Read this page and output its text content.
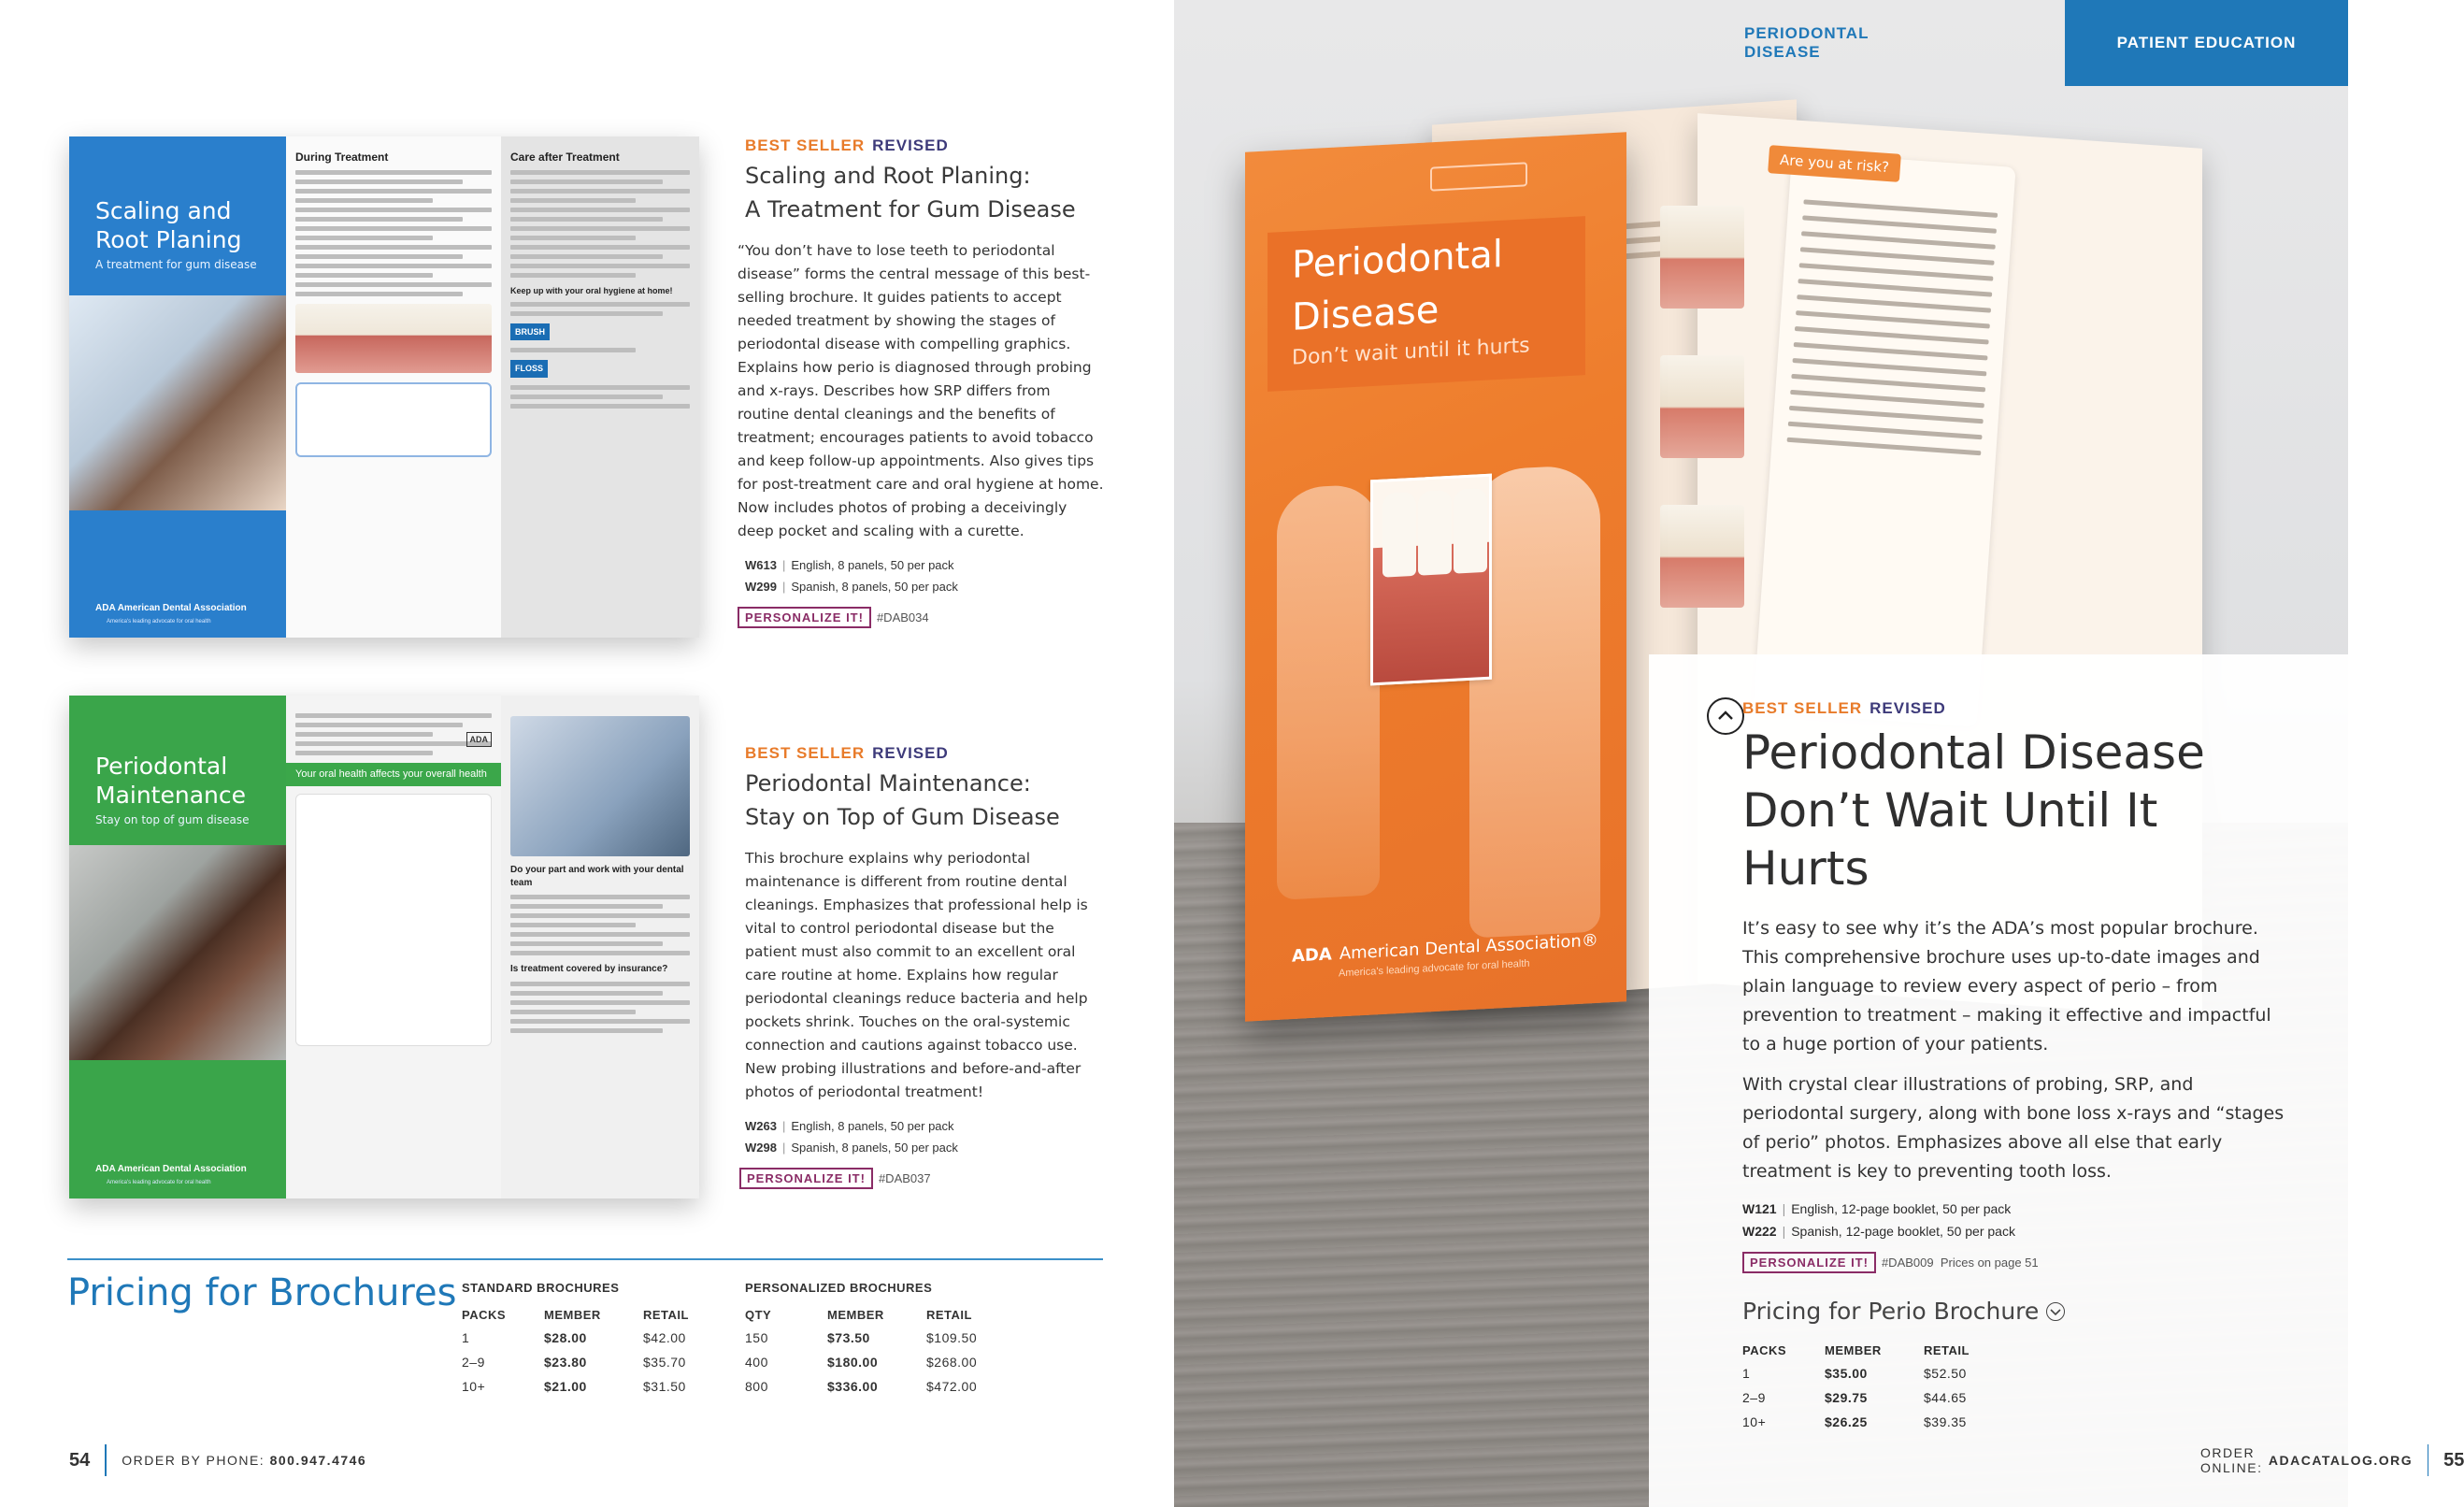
Scaling and Root Planing
A treatment for gum disease
ADA American Dental Association
America's leading advocate for oral health
During Treatment	Care after Treatment
Keep up with your oral hygiene at home!
BRUSH
FLOSS
BEST SELLER REVISED
Scaling and Root Planing:
A Treatment for Gum Disease
“You don’t have to lose teeth to periodontal disease” forms the central message of this best-selling brochure. It guides patients to accept needed treatment by showing the stages of periodontal disease with compelling graphics. Explains how perio is diagnosed through probing and x-rays. Describes how SRP differs from routine dental cleanings and the benefits of treatment; encourages patients to avoid tobacco and keep follow-up appointments. Also gives tips for post-treatment care and oral hygiene at home. Now includes photos of probing a deceivingly deep pocket and scaling with a curette.
W613 | English, 8 panels, 50 per pack
W299 | Spanish, 8 panels, 50 per pack
PERSONALIZE IT! #DAB034
Periodontal Maintenance
Stay on top of gum disease
ADA American Dental Association
America's leading advocate for oral health
ADA
Your oral health affects your overall health
Do your part and work with your dental team
Is treatment covered by insurance?
BEST SELLER REVISED
Periodontal Maintenance:
Stay on Top of Gum Disease
This brochure explains why periodontal maintenance is different from routine dental cleanings. Emphasizes that professional help is vital to control periodontal disease but the patient must also commit to an excellent oral care routine at home. Explains how regular periodontal cleanings reduce bacteria and help pockets shrink. Touches on the oral-systemic connection and cautions against tobacco use. New probing illustrations and before-and-after photos of periodontal treatment!
W263 | English, 8 panels, 50 per pack
W298 | Spanish, 8 panels, 50 per pack
PERSONALIZE IT! #DAB037
Pricing for Brochures STANDARD BROCHURES
PACKS	MEMBER	RETAIL
1	$28.00	$42.00
2–9	$23.80	$35.70
10+	$21.00	$31.50
PERSONALIZED BROCHURES
QTY	MEMBER	RETAIL
150	$73.50	$109.50
400	$180.00	$268.00
800	$336.00	$472.00
54 ORDER BY PHONE:
800.947.4746
Are you at risk?
Periodontal
Disease
Don’t wait until it hurts
ADA American Dental Association®
America's leading advocate for oral health
PERIODONTAL DISEASE
PATIENT EDUCATION
BEST SELLER REVISED
Periodontal Disease
Don’t Wait Until It Hurts
It’s easy to see why it’s the ADA’s most popular brochure. This comprehensive brochure uses up-to-date images and plain language to review every aspect of perio – from prevention to treatment – making it effective and impactful to a huge portion of your patients.
With crystal clear illustrations of probing, SRP, and periodontal surgery, along with bone loss x-rays and “stages of perio” photos. Emphasizes above all else that early treatment is key to preventing tooth loss.
W121 | English, 12-page booklet, 50 per pack
W222 | Spanish, 12-page booklet, 50 per pack
PERSONALIZE IT! #DAB009 Prices on page 51
Pricing for Perio Brochure
PACKS	MEMBER	RETAIL
1	$35.00	$52.50
2–9	$29.75	$44.65
10+	$26.25	$39.35
ORDER ONLINE:
ADACATALOG.ORG 55
